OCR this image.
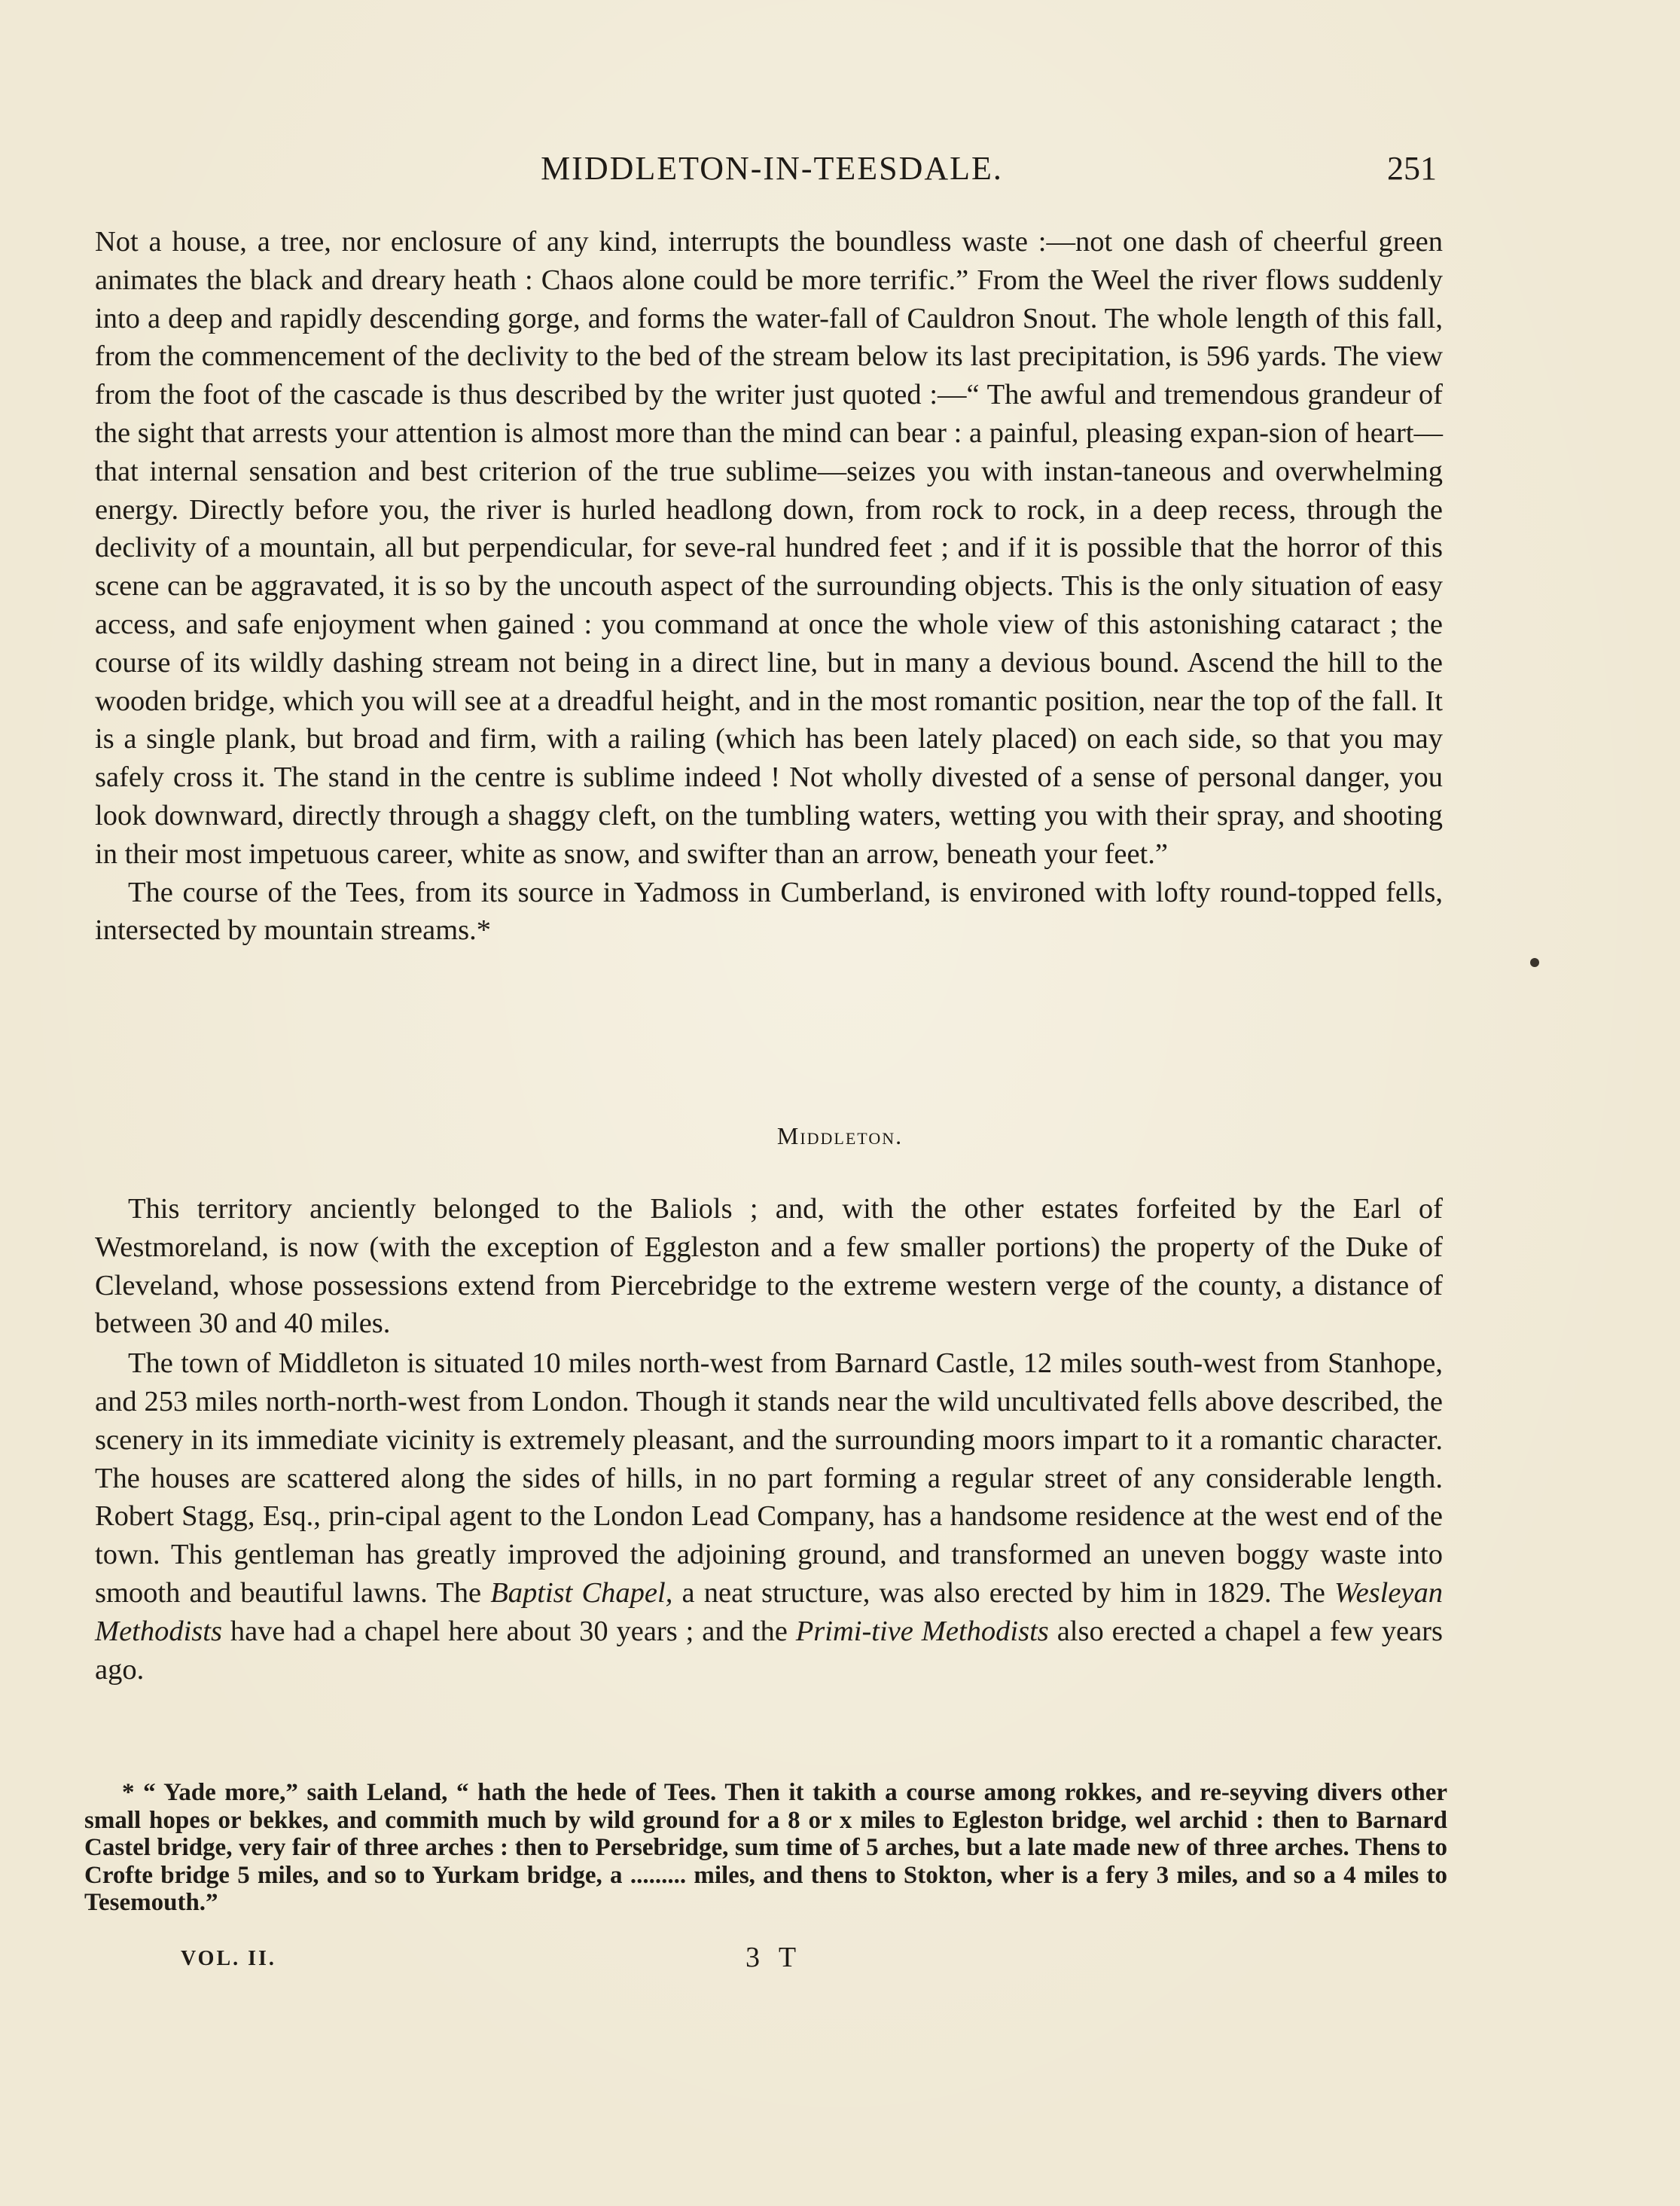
MIDDLETON-IN-TEESDALE.	251

Not a house, a tree, nor enclosure of any kind, interrupts the boundless waste :—not one dash of cheerful green animates the black and dreary heath : Chaos alone could be more terrific.” From the Weel the river flows suddenly into a deep and rapidly descending gorge, and forms the water-fall of Cauldron Snout. The whole length of this fall, from the commencement of the declivity to the bed of the stream below its last precipitation, is 596 yards. The view from the foot of the cascade is thus described by the writer just quoted :—“ The awful and tremendous grandeur of the sight that arrests your attention is almost more than the mind can bear : a painful, pleasing expan-sion of heart—that internal sensation and best criterion of the true sublime—seizes you with instan-taneous and overwhelming energy. Directly before you, the river is hurled headlong down, from rock to rock, in a deep recess, through the declivity of a mountain, all but perpendicular, for seve-ral hundred feet ; and if it is possible that the horror of this scene can be aggravated, it is so by the uncouth aspect of the surrounding objects. This is the only situation of easy access, and safe enjoyment when gained : you command at once the whole view of this astonishing cataract ; the course of its wildly dashing stream not being in a direct line, but in many a devious bound. Ascend the hill to the wooden bridge, which you will see at a dreadful height, and in the most romantic position, near the top of the fall. It is a single plank, but broad and firm, with a railing (which has been lately placed) on each side, so that you may safely cross it. The stand in the centre is sublime indeed ! Not wholly divested of a sense of personal danger, you look downward, directly through a shaggy cleft, on the tumbling waters, wetting you with their spray, and shooting in their most impetuous career, white as snow, and swifter than an arrow, beneath your feet.”

The course of the Tees, from its source in Yadmoss in Cumberland, is environed with lofty round-topped fells, intersected by mountain streams.*

Middleton.

This territory anciently belonged to the Baliols ; and, with the other estates forfeited by the Earl of Westmoreland, is now (with the exception of Eggleston and a few smaller portions) the property of the Duke of Cleveland, whose possessions extend from Piercebridge to the extreme western verge of the county, a distance of between 30 and 40 miles.

The town of Middleton is situated 10 miles north-west from Barnard Castle, 12 miles south-west from Stanhope, and 253 miles north-north-west from London. Though it stands near the wild uncultivated fells above described, the scenery in its immediate vicinity is extremely pleasant, and the surrounding moors impart to it a romantic character. The houses are scattered along the sides of hills, in no part forming a regular street of any considerable length. Robert Stagg, Esq., prin-cipal agent to the London Lead Company, has a handsome residence at the west end of the town. This gentleman has greatly improved the adjoining ground, and transformed an uneven boggy waste into smooth and beautiful lawns. The Baptist Chapel, a neat structure, was also erected by him in 1829. The Wesleyan Methodists have had a chapel here about 30 years ; and the Primi-tive Methodists also erected a chapel a few years ago.

* “ Yade more,” saith Leland, “ hath the hede of Tees. Then it takith a course among rokkes, and re-seyving divers other small hopes or bekkes, and commith much by wild ground for a 8 or x miles to Egleston bridge, wel archid : then to Barnard Castel bridge, very fair of three arches : then to Persebridge, sum time of 5 arches, but a late made new of three arches. Thens to Crofte bridge 5 miles, and so to Yurkam bridge, a ......... miles, and thens to Stokton, wher is a fery 3 miles, and so a 4 miles to Tesemouth.”
VOL. II.	3 T
